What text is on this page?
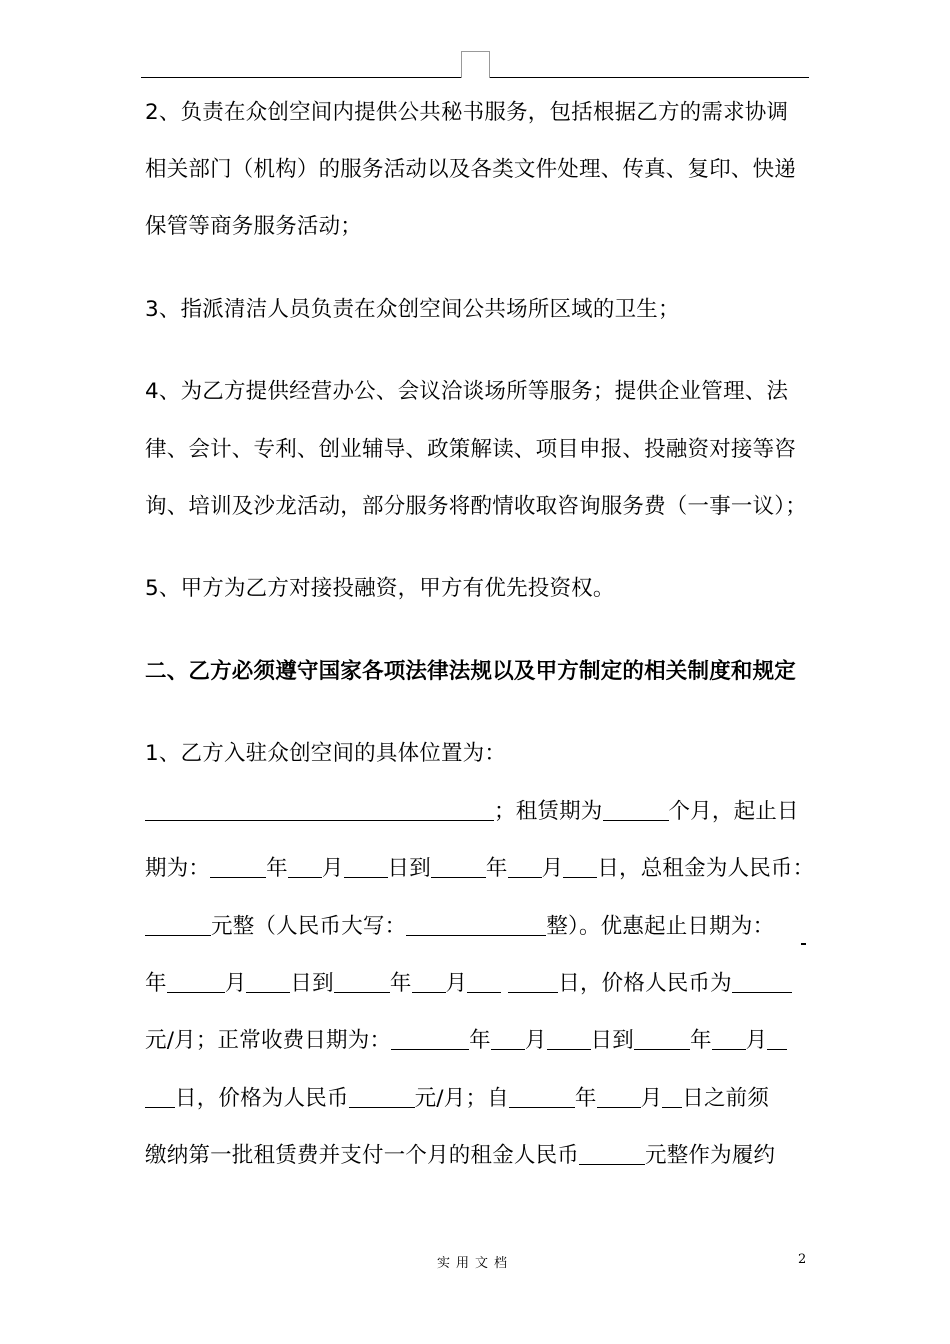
2、负责在众创空间内提供公共秘书服务，包括根据乙方的需求协调
相关部门（机构）的服务活动以及各类文件处理、传真、复印、快递
保管等商务服务活动；
3、指派清洁人员负责在众创空间公共场所区域的卫生；
4、为乙方提供经营办公、会议洽谈场所等服务；提供企业管理、法
律、会计、专利、创业辅导、政策解读、项目申报、投融资对接等咨
询、培训及沙龙活动，部分服务将酌情收取咨询服务费（一事一议）；
5、甲方为乙方对接投融资，甲方有优先投资权。
二、乙方必须遵守国家各项法律法规以及甲方制定的相关制度和规定
1、乙方入驻众创空间的具体位置为：
；租赁期为	个月，起止日
期为：	年 月 日到	年 月 日，总租金为人民币：
元整（人民币大写：	整）。优惠起止日期为：
年	月 日到	年 月	日，价格人民币为
元/月；正常收费日期为：	年 月 日到	年 月
日，价格为人民币	元/月；自	年 月 日之前须
缴纳第一批租赁费并支付一个月的租金人民币	元整作为履约
实用文档	2
